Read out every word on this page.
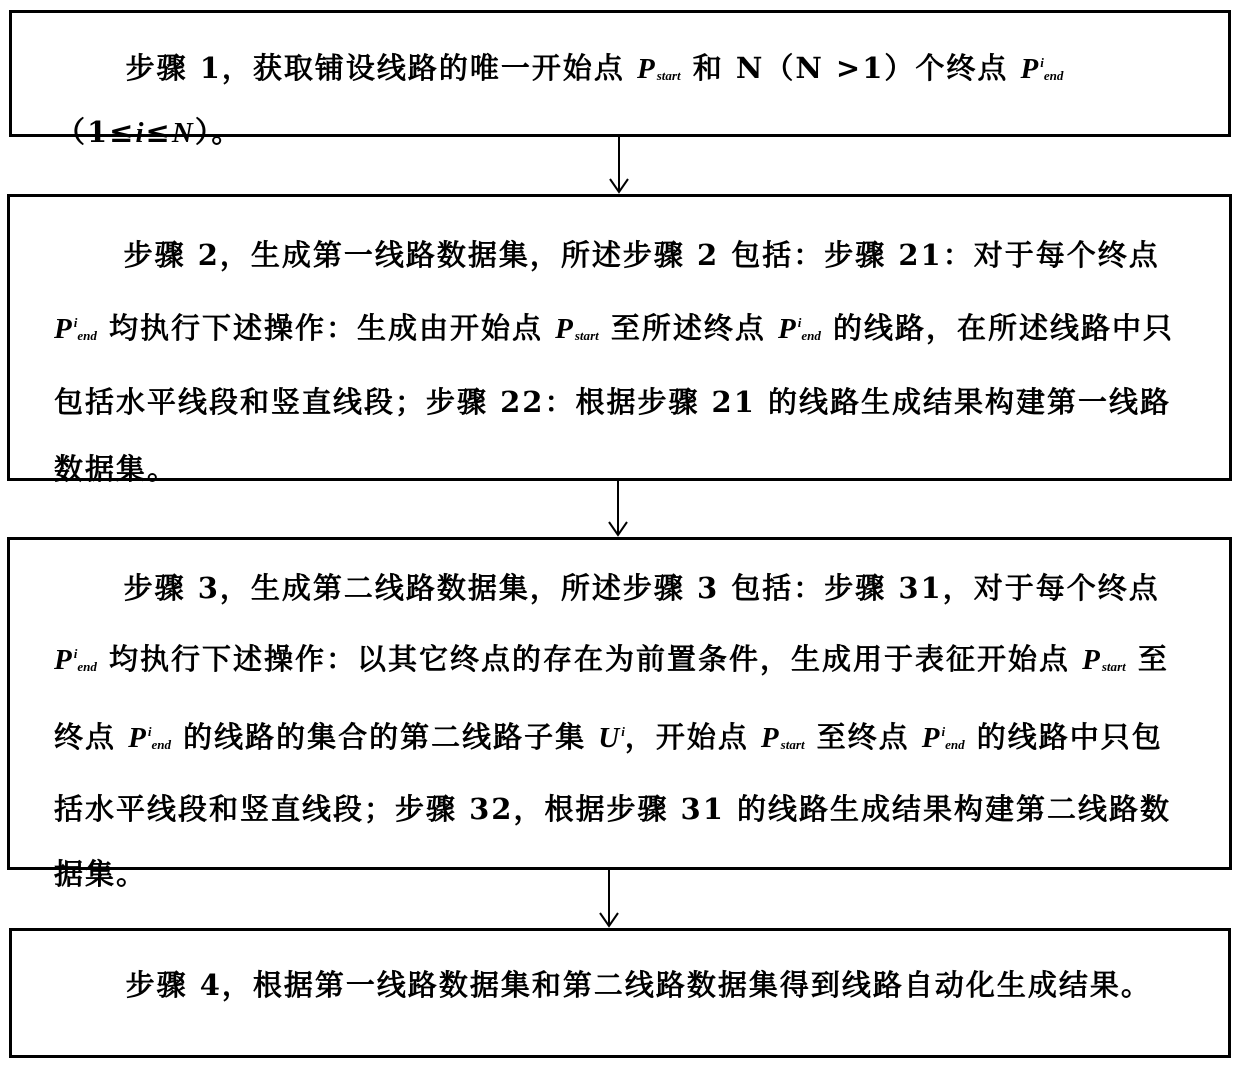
步骤 1，获取铺设线路的唯一开始点 Pstart 和 N（N >1）个终点 $P^iend(1\le i\le N)$。

步骤 2，生成第一线路数据集，所述步骤 2 包括：步骤 21：对于每个终点 $P^iend$ 均执行下述操作：生成由开始点 Pstart 至所述终点 $P^iend$ 的线路，在所述线路中只包括水平线段和竖直线段；步骤 22：根据步骤 21 的线路生成结果构建第一线路数据集。

步骤 3，生成第二线路数据集，所述步骤 3 包括：步骤 31，对于每个终点 $P^iend$ 均执行下述操作：以其它终点的存在为前置条件，生成用于表征开始点 Pstart 至终点 $P^iend$ 的线路的集合的第二线路子集 $U^i$，开始点 Pstart 至终点 $P^iend$ 的线路中只包括水平线段和竖直线段；步骤 32，根据步骤 31 的线路生成结果构建第二线路数据集。

步骤 4，根据第一线路数据集和第二线路数据集得到线路自动化生成结果。
